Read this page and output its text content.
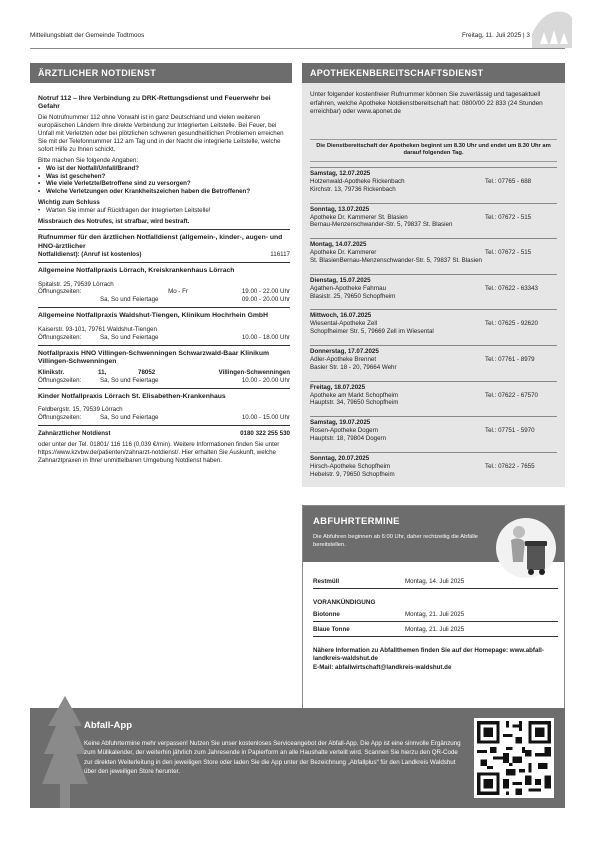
Mitteilungsblatt der Gemeinde Todtmoos	Freitag, 11. Juli 2025 | 3
ÄRZTLICHER NOTDIENST
Notruf 112 – Ihre Verbindung zu DRK-Rettungsdienst und Feuerwehr bei Gefahr

Die Notrufnummer 112 ohne Vorwahl ist in ganz Deutschland und vielen weiteren europäischen Ländern Ihre direkte Verbindung zur Integrierten Leitstelle. Bei Feuer, bei Unfall mit Verletzten oder bei plötzlichen schweren gesundheitlichen Problemen erreichen Sie mit der Telefonnummer 112 am Tag und in der Nacht die integrierte Leitstelle, welche sofort Hilfe zu Ihnen schickt.

Bitte machen Sie folgende Angaben:

• Wo ist der Notfall/Unfall/Brand?
• Was ist geschehen?
• Wie viele Verletzte/Betroffene sind zu versorgen?
• Welche Verletzungen oder Krankheitszeichen haben die Betroffenen?

Wichtig zum Schluss

• Warten Sie immer auf Rückfragen der Integrierten Leitstelle!

Missbrauch des Notrufes, ist strafbar, wird bestraft.

Rufnummer für den ärztlichen Notfalldienst (allgemein-, kinder-, augen- und HNO-ärztlicher
Notfalldienst): (Anruf ist kostenlos)	116117
Allgemeine Notfallpraxis Lörrach, Kreiskrankenhaus Lörrach
Spitalstr. 25, 79539 Lörrach
Öffnungszeiten:	Mo - Fr	19.00 - 22.00 Uhr
Sa, So und Feiertage	09.00 - 20.00 Uhr
Allgemeine Notfallpraxis Waldshut-Tiengen, Klinikum Hochrhein GmbH
Kaiserstr. 93-101, 79761 Waldshut-Tiengen
Öffnungszeiten:	Sa, So und Feiertage	10.00 - 18.00 Uhr
Notfallpraxis HNO Villingen-Schwenningen Schwarzwald-Baar Klinikum Villingen-Schwenningen
Klinikstr.	11,	78052	Villingen-Schwenningen
Öffnungszeiten:	Sa, So und Feiertage	10.00 - 20.00 Uhr
Kinder Notfallpraxis Lörrach St. Elisabethen-Krankenhaus
Feldbergstr. 15, 79539 Lörrach
Öffnungszeiten:	Sa, So und Feiertage	10.00 - 15.00 Uhr
Zahnärztlicher Notdienst	0180 322 255 530

oder unter der Tel. 01801/ 116 116 (0,039 €/min). Weitere Informationen finden Sie unter https://www.kzvbw.de/patienten/zahnarzt-notdienst/. Hier erhalten Sie Auskunft, welche Zahnarztpraxen in Ihrer unmittelbaren Umgebung Notdienst haben.

APOTHEKENBEREITSCHAFTSDIENST
Unter folgender kostenfreier Rufnummer können Sie zuverlässig und tagesaktuell erfahren, welche Apotheke Notdienstbereitschaft hat: 0800/00 22 833 (24 Stunden erreichbar) oder www.aponet.de
Die Dienstbereitschaft der Apotheken beginnt um 8.30 Uhr und endet um 8.30 Uhr am darauf folgenden Tag.
Samstag, 12.07.2025
Hotzenwald-Apotheke Rickenbach	Tel.: 07765 - 688
Kirchstr. 13, 79736 Rickenbach
Sonntag, 13.07.2025
Apotheke Dr. Kammerer St. Blasien	Tel.: 07672 - 515
Bernau-Menzenschwander-Str. 5, 79837 St. Blasien
Montag, 14.07.2025
Apotheke Dr. Kammerer	Tel.: 07672 - 515
St. BlasienBernau-Menzenschwander-Str. 5, 79837 St. Blasien
Dienstag, 15.07.2025
Agathen-Apotheke Fahrnau	Tel.: 07622 - 63343
Blasistr. 25, 79650 Schopfheim
Mittwoch, 16.07.2025
Wiesental-Apotheke Zell	Tel.: 07625 - 92620
Schopfheimer Str. 5, 79669 Zell im Wiesental
Donnerstag, 17.07.2025
Adler-Apotheke Brennet	Tel.: 07761 - 8979
Basler Str. 18 - 20, 79664 Wehr
Freitag, 18.07.2025
Apotheke am Markt Schopfheim	Tel.: 07622 - 67570
Hauptstr. 34, 79650 Schopfheim
Samstag, 19.07.2025
Rosen-Apotheke Dogern	Tel.: 07751 - 5970
Hauptstr. 18, 79804 Dogern
Sonntag, 20.07.2025
Hirsch-Apotheke Schopfheim	Tel.: 07622 - 7655
Hebelstr. 9, 79650 Schopfheim
ABFUHRTERMINE
Die Abfuhren beginnen ab 6:00 Uhr, daher rechtzeitig die Abfälle bereitstellen.
Restmüll	Montag, 14. Juli 2025
VORANKÜNDIGUNG
Biotonne	Montag, 21. Juli 2025
Blaue Tonne	Montag, 21. Juli 2025
Nähere Information zu Abfallthemen finden Sie auf der Homepage: www.abfall-landkreis-waldshut.de
E-Mail: abfallwirtschaft@landkreis-waldshut.de
Abfall-App
Keine Abfuhrtermine mehr verpassen! Nutzen Sie unser kostenloses Serviceangebot der Abfall-App. Die App ist eine sinnvolle Ergänzung zum Müllkalender, der weiterhin jährlich zum Jahresende in Papierform an alle Haushalte verteilt wird. Scannen Sie hierzu den QR-Code zur direkten Weiterleitung in den jeweiligen Store oder laden Sie die App unter der Bezeichnung „Abfallplus“ für den Landkreis Waldshut über den jeweiligen Store herunter.
